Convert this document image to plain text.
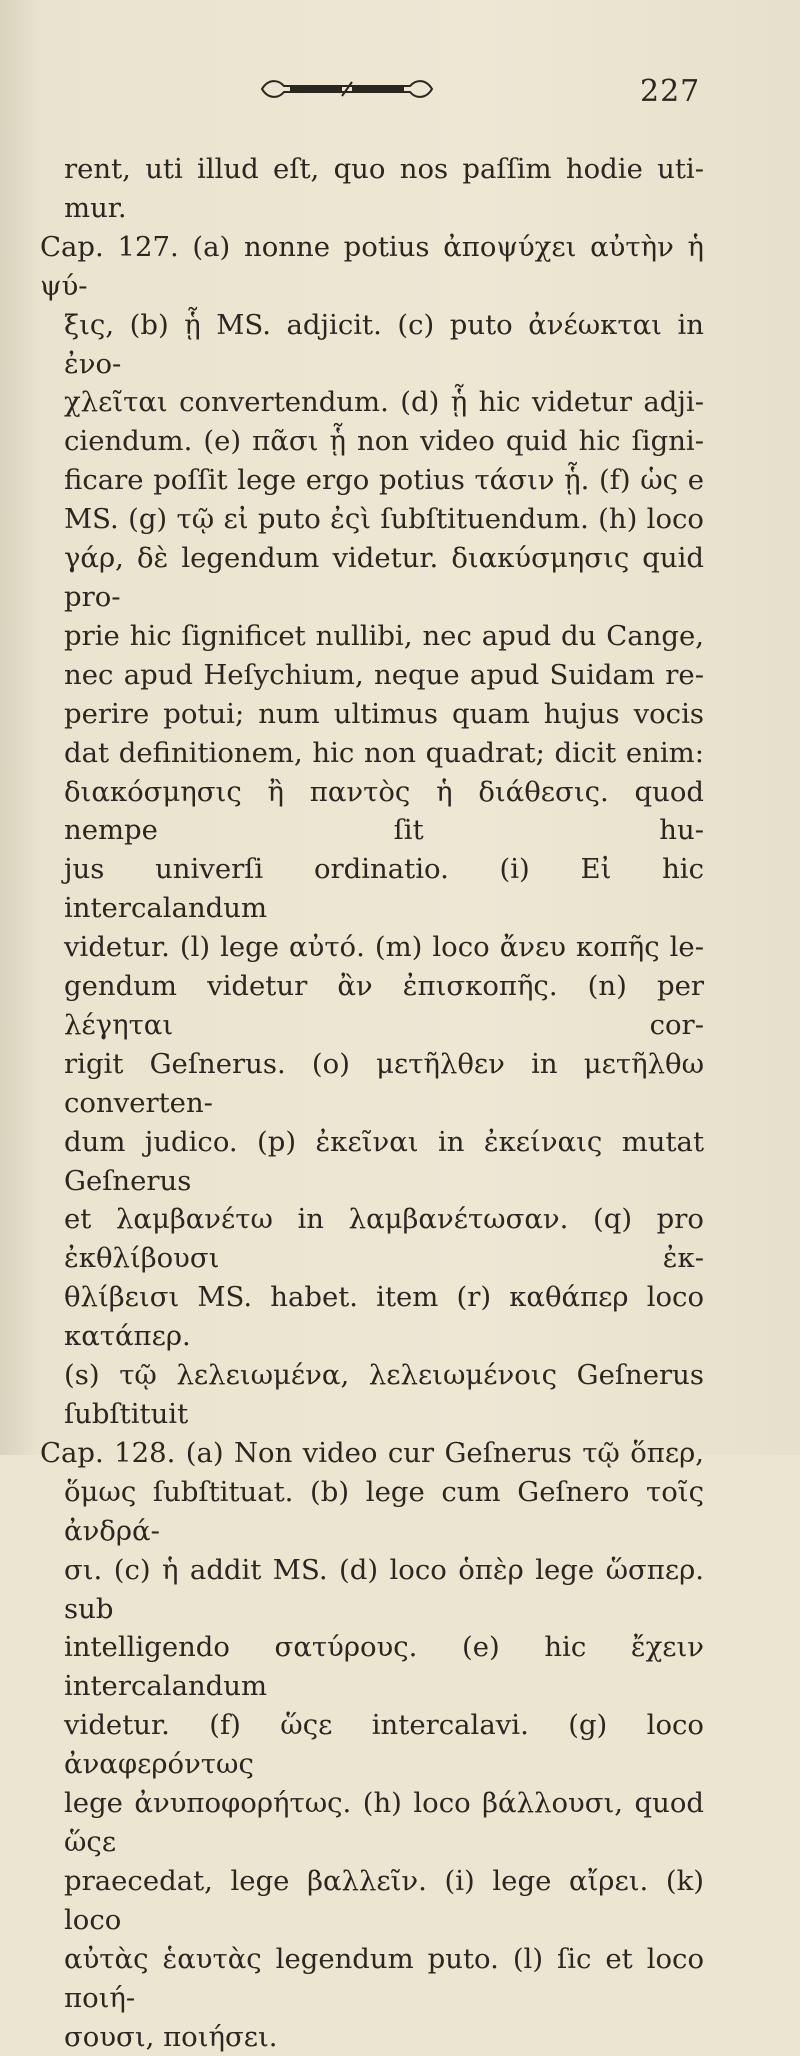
227
rent, uti illud eſt, quo nos paſſim hodie uti-
mur.
Cap. 127. (a) nonne potius ἀποψύχει αὐτὴν ἡ ψύ-
ξις, (b) ᾗ MS. adjicit. (c) puto ἀνέωκται in ἐνο-
χλεῖται convertendum. (d) ᾗ hic videtur adji-
ciendum. (e) πᾶσι ᾗ non video quid hic ſigni-
ficare poſſit lege ergo potius τάσιν ᾗ. (f) ὡς e
MS. (g) τῷ εἰ puto ἐςὶ ſubſtituendum. (h) loco
γάρ, δὲ legendum videtur. διακύσμησις quid pro-
prie hic ſignificet nullibi, nec apud du Cange,
nec apud Heſychium, neque apud Suidam re-
perire potui; num ultimus quam hujus vocis
dat definitionem, hic non quadrat; dicit enim:
διακόσμησις ἢ παντὸς ἡ διάθεσις. quod nempe ſit hu-
jus univerſi ordinatio. (i) Εἰ hic intercalandum
videtur. (l) lege αὐτό. (m) loco ἄνευ κοπῆς le-
gendum videtur ἂν ἐπισκοπῆς. (n) per λέγηται cor-
rigit Geſnerus. (o) μετῆλθεν in μετῆλθω converten-
dum judico. (p) ἐκεῖναι in ἐκείναις mutat Geſnerus
et λαμβανέτω in λαμβανέτωσαν. (q) pro ἐκθλίβουσι ἐκ-
θλίβεισι MS. habet. item (r) καθάπερ loco κατάπερ.
(s) τῷ λελειωμένα, λελειωμένοις Geſnerus ſubſtituit
Cap. 128. (a) Non video cur Geſnerus τῷ ὅπερ,
ὅμως ſubſtituat. (b) lege cum Geſnero τοῖς ἀνδρά-
σι. (c) ἡ addit MS. (d) loco ὁπὲρ lege ὥσπερ. sub
intelligendo σατύρους. (e) hic ἔχειν intercalandum
videtur. (f) ὥςε intercalavi. (g) loco ἀναφερόντως
lege ἀνυποφορήτως. (h) loco βάλλουσι, quod ὥςε
praecedat, lege βαλλεῖν. (i) lege αἴρει. (k) loco
αὐτὰς ἑαυτὰς legendum puto. (l) ſic et loco ποιή-
σουσι, ποιήσει.
